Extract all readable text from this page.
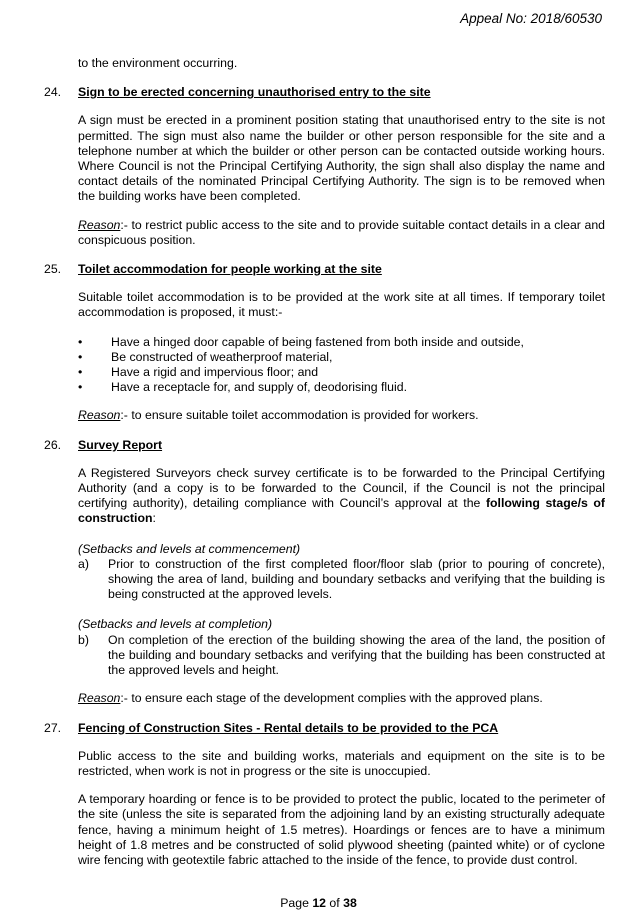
Appeal No: 2018/60530

to the environment occurring.

24. Sign to be erected concerning unauthorised entry to the site

A sign must be erected in a prominent position stating that unauthorised entry to the site is not permitted. The sign must also name the builder or other person responsible for the site and a telephone number at which the builder or other person can be contacted outside working hours. Where Council is not the Principal Certifying Authority, the sign shall also display the name and contact details of the nominated Principal Certifying Authority. The sign is to be removed when the building works have been completed.

Reason:- to restrict public access to the site and to provide suitable contact details in a clear and conspicuous position.

25. Toilet accommodation for people working at the site

Suitable toilet accommodation is to be provided at the work site at all times. If temporary toilet accommodation is proposed, it must:-

• Have a hinged door capable of being fastened from both inside and outside,
• Be constructed of weatherproof material,
• Have a rigid and impervious floor; and
• Have a receptacle for, and supply of, deodorising fluid.

Reason:- to ensure suitable toilet accommodation is provided for workers.

26. Survey Report

A Registered Surveyors check survey certificate is to be forwarded to the Principal Certifying Authority (and a copy is to be forwarded to the Council, if the Council is not the principal certifying authority), detailing compliance with Council’s approval at the following stage/s of construction:

(Setbacks and levels at commencement)
a) Prior to construction of the first completed floor/floor slab (prior to pouring of concrete), showing the area of land, building and boundary setbacks and verifying that the building is being constructed at the approved levels.
(Setbacks and levels at completion)
b) On completion of the erection of the building showing the area of the land, the position of the building and boundary setbacks and verifying that the building has been constructed at the approved levels and height.

Reason:- to ensure each stage of the development complies with the approved plans.

27. Fencing of Construction Sites - Rental details to be provided to the PCA

Public access to the site and building works, materials and equipment on the site is to be restricted, when work is not in progress or the site is unoccupied.

A temporary hoarding or fence is to be provided to protect the public, located to the perimeter of the site (unless the site is separated from the adjoining land by an existing structurally adequate fence, having a minimum height of 1.5 metres). Hoardings or fences are to have a minimum height of 1.8 metres and be constructed of solid plywood sheeting (painted white) or of cyclone wire fencing with geotextile fabric attached to the inside of the fence, to provide dust control.

Page 12 of 38
